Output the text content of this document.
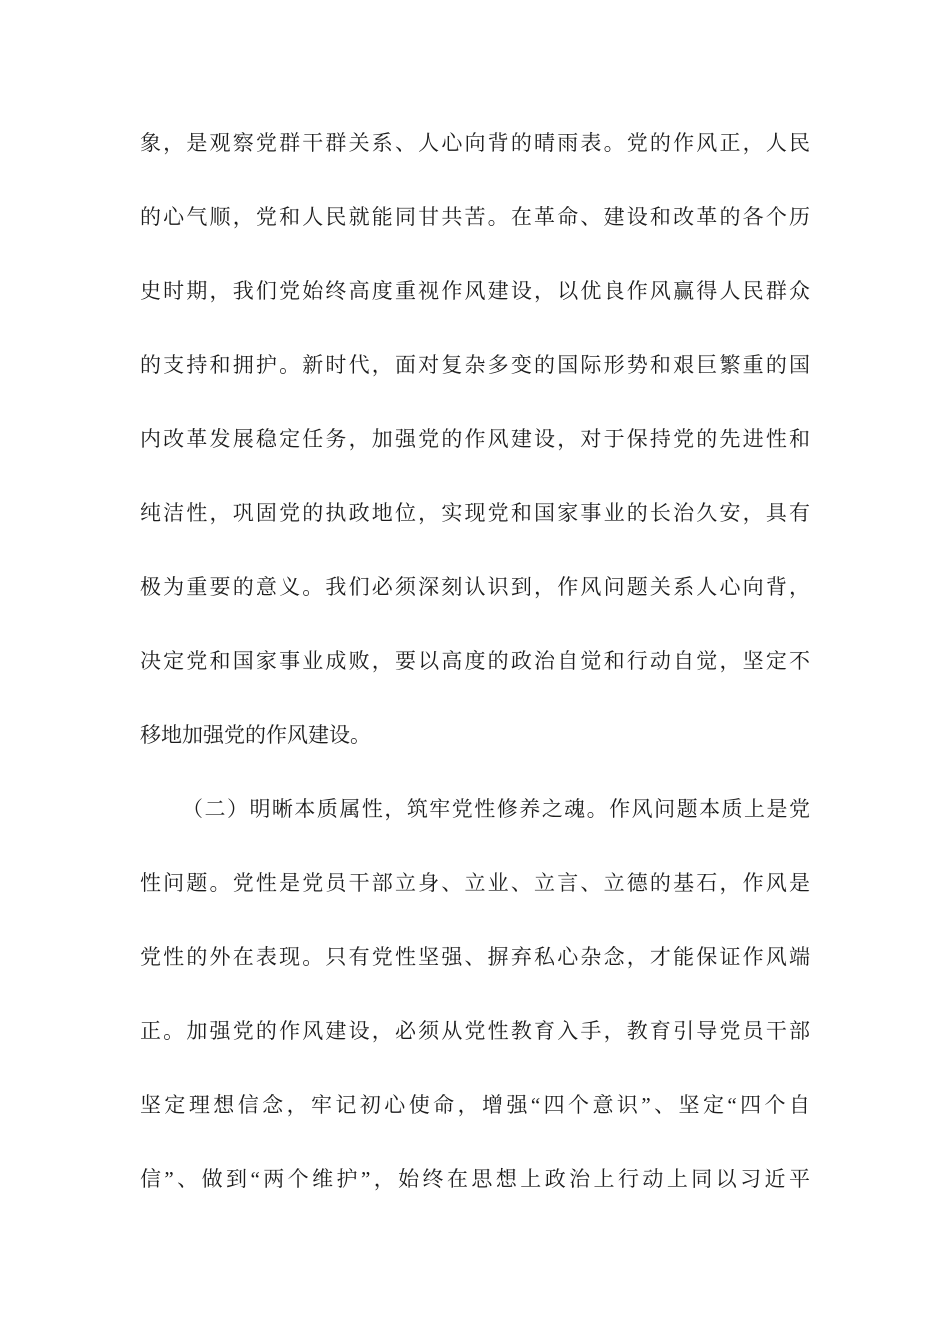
象，是观察党群干群关系、人心向背的晴雨表。党的作风正，人民
的心气顺，党和人民就能同甘共苦。在革命、建设和改革的各个历
史时期，我们党始终高度重视作风建设，以优良作风赢得人民群众
的支持和拥护。新时代，面对复杂多变的国际形势和艰巨繁重的国
内改革发展稳定任务，加强党的作风建设，对于保持党的先进性和
纯洁性，巩固党的执政地位，实现党和国家事业的长治久安，具有
极为重要的意义。我们必须深刻认识到，作风问题关系人心向背，
决定党和国家事业成败，要以高度的政治自觉和行动自觉，坚定不
移地加强党的作风建设。
（二）明晰本质属性，筑牢党性修养之魂。作风问题本质上是党
性问题。党性是党员干部立身、立业、立言、立德的基石，作风是
党性的外在表现。只有党性坚强、摒弃私心杂念，才能保证作风端
正。加强党的作风建设，必须从党性教育入手，教育引导党员干部
坚定理想信念，牢记初心使命，增强“四个意识”、坚定“四个自
信”、做到“两个维护”，始终在思想上政治上行动上同以习近平
